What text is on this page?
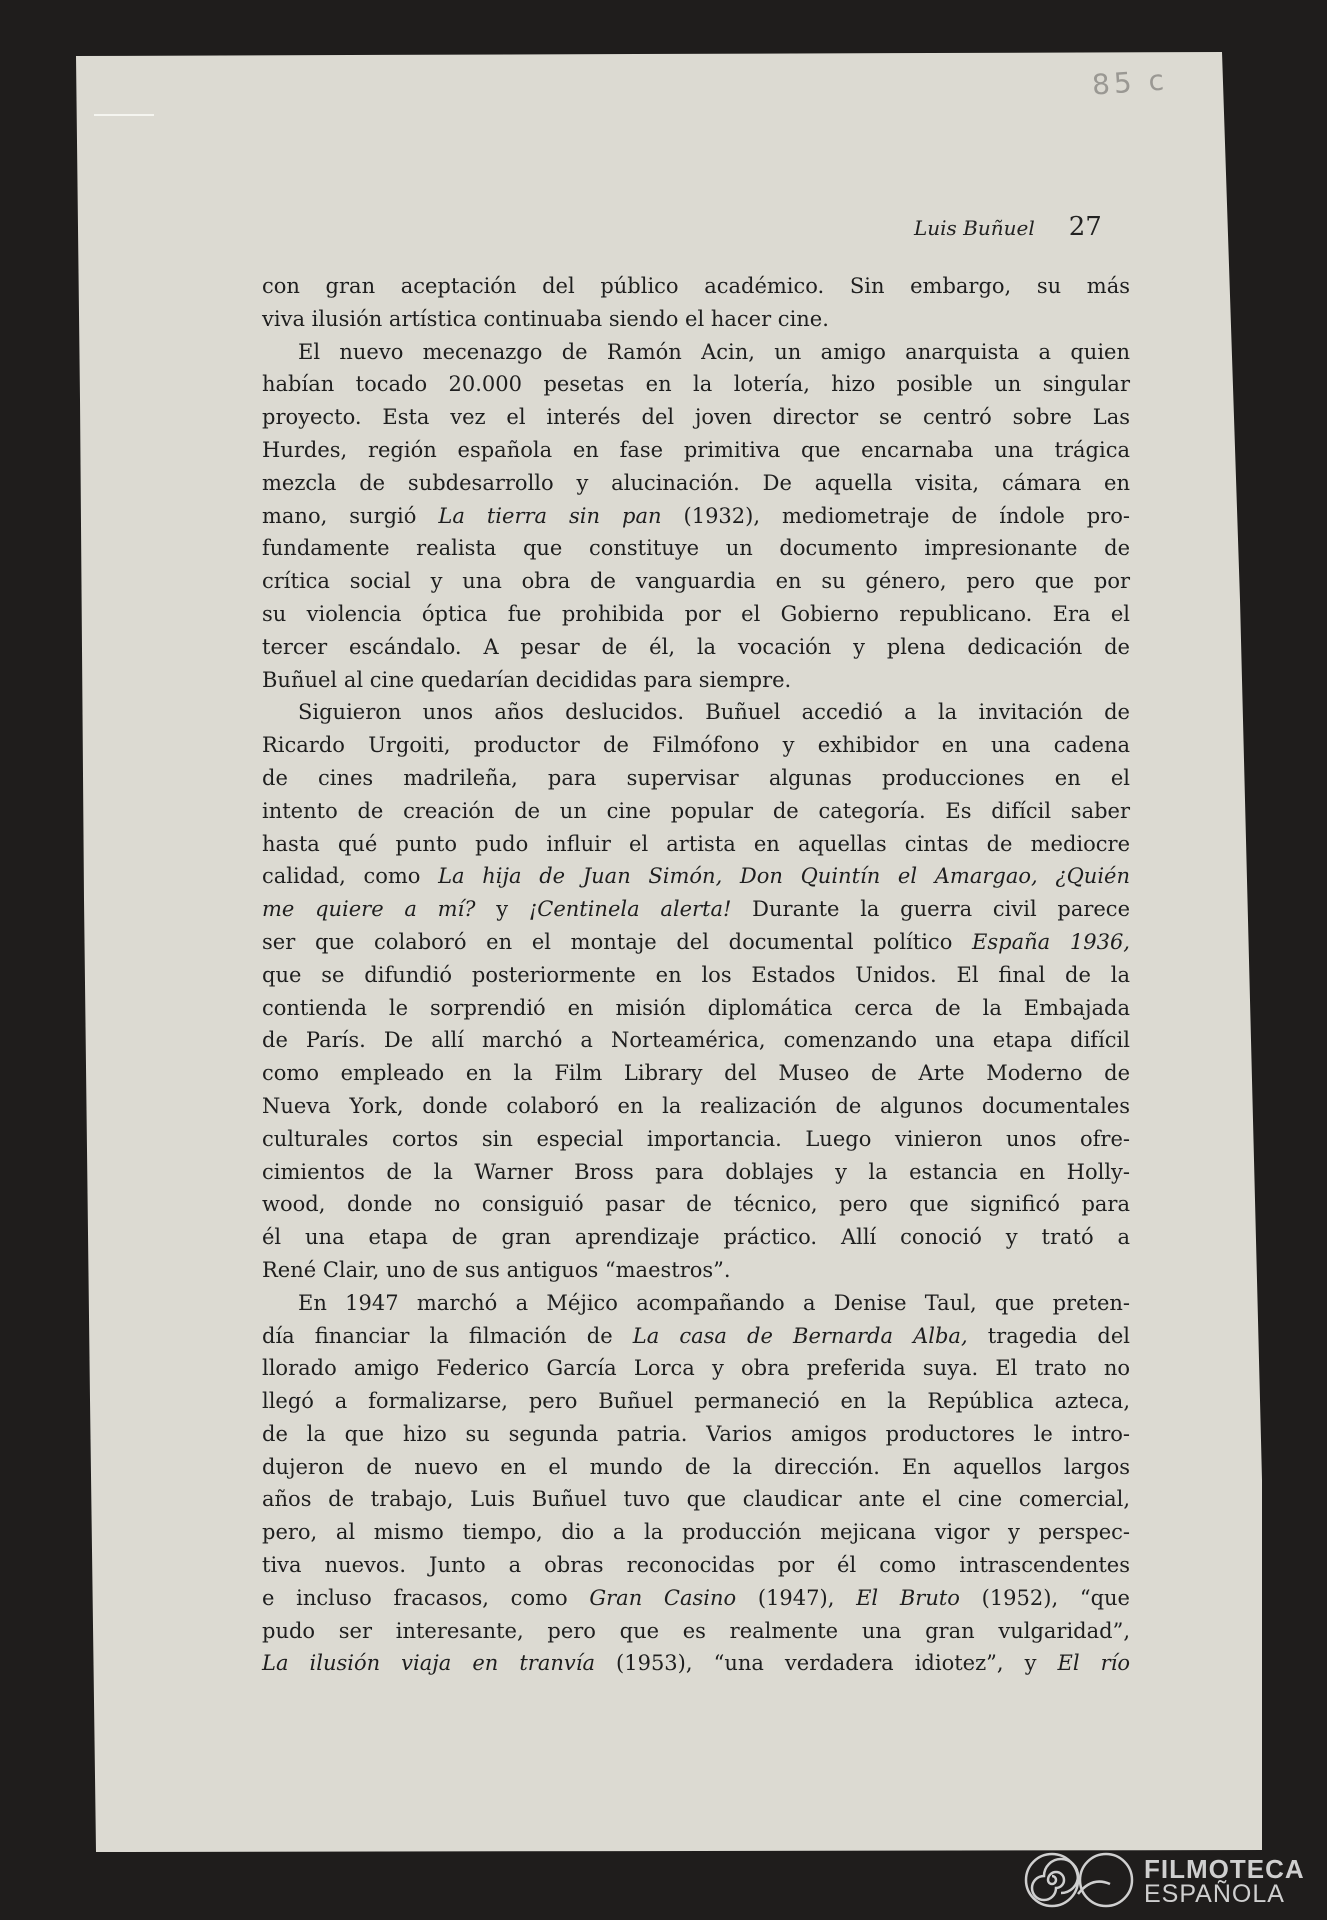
85 c
Luis Buñuel 27
con gran aceptación del público académico. Sin embargo, su más
viva ilusión artística continuaba siendo el hacer cine.
El nuevo mecenazgo de Ramón Acin, un amigo anarquista a quien
habían tocado 20.000 pesetas en la lotería, hizo posible un singular
proyecto. Esta vez el interés del joven director se centró sobre Las
Hurdes, región española en fase primitiva que encarnaba una trágica
mezcla de subdesarrollo y alucinación. De aquella visita, cámara en
mano, surgió La tierra sin pan (1932), mediometraje de índole pro-
fundamente realista que constituye un documento impresionante de
crítica social y una obra de vanguardia en su género, pero que por
su violencia óptica fue prohibida por el Gobierno republicano. Era el
tercer escándalo. A pesar de él, la vocación y plena dedicación de
Buñuel al cine quedarían decididas para siempre.
Siguieron unos años deslucidos. Buñuel accedió a la invitación de
Ricardo Urgoiti, productor de Filmófono y exhibidor en una cadena
de cines madrileña, para supervisar algunas producciones en el
intento de creación de un cine popular de categoría. Es difícil saber
hasta qué punto pudo influir el artista en aquellas cintas de mediocre
calidad, como La hija de Juan Simón, Don Quintín el Amargao, ¿Quién
me quiere a mí? y ¡Centinela alerta! Durante la guerra civil parece
ser que colaboró en el montaje del documental político España 1936,
que se difundió posteriormente en los Estados Unidos. El final de la
contienda le sorprendió en misión diplomática cerca de la Embajada
de París. De allí marchó a Norteamérica, comenzando una etapa difícil
como empleado en la Film Library del Museo de Arte Moderno de
Nueva York, donde colaboró en la realización de algunos documentales
culturales cortos sin especial importancia. Luego vinieron unos ofre-
cimientos de la Warner Bross para doblajes y la estancia en Holly-
wood, donde no consiguió pasar de técnico, pero que significó para
él una etapa de gran aprendizaje práctico. Allí conoció y trató a
René Clair, uno de sus antiguos “maestros”.
En 1947 marchó a Méjico acompañando a Denise Taul, que preten-
día financiar la filmación de La casa de Bernarda Alba, tragedia del
llorado amigo Federico García Lorca y obra preferida suya. El trato no
llegó a formalizarse, pero Buñuel permaneció en la República azteca,
de la que hizo su segunda patria. Varios amigos productores le intro-
dujeron de nuevo en el mundo de la dirección. En aquellos largos
años de trabajo, Luis Buñuel tuvo que claudicar ante el cine comercial,
pero, al mismo tiempo, dio a la producción mejicana vigor y perspec-
tiva nuevos. Junto a obras reconocidas por él como intrascendentes
e incluso fracasos, como Gran Casino (1947), El Bruto (1952), “que
pudo ser interesante, pero que es realmente una gran vulgaridad”,
La ilusión viaja en tranvía (1953), “una verdadera idiotez”, y El río
FILMOTECA
ESPAÑOLA
